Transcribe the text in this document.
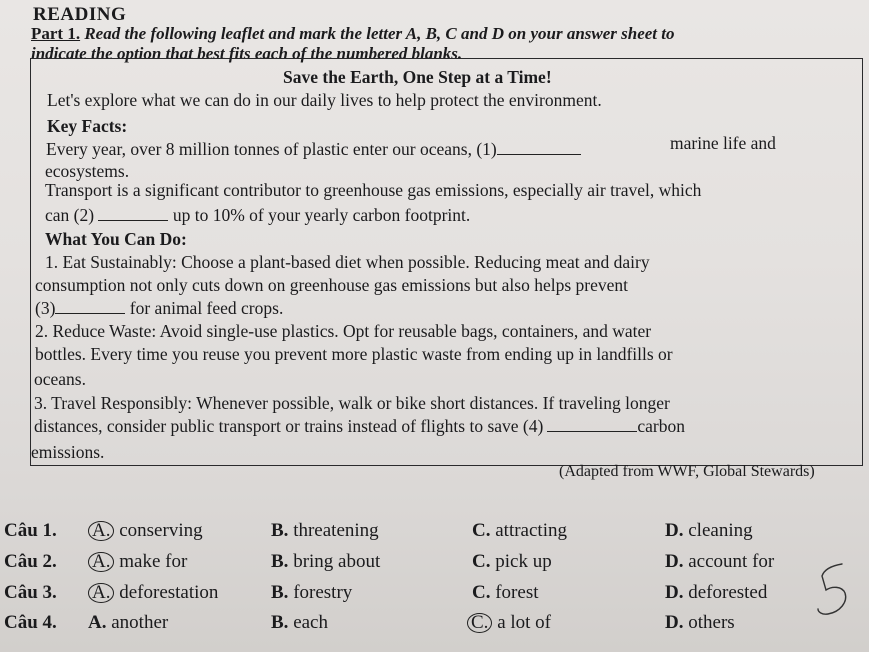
READING
Part 1. Read the following leaflet and mark the letter A, B, C and D on your answer sheet to
indicate the option that best fits each of the numbered blanks.
Save the Earth, One Step at a Time!
Let's explore what we can do in our daily lives to help protect the environment.
Key Facts:
Every year, over 8 million tonnes of plastic enter our oceans, (1)	marine life and
ecosystems.
Transport is a significant contributor to greenhouse gas emissions, especially air travel, which
can (2)	up to 10% of your yearly carbon footprint.
What You Can Do:
1. Eat Sustainably: Choose a plant-based diet when possible. Reducing meat and dairy
consumption not only cuts down on greenhouse gas emissions but also helps prevent
(3)	for animal feed crops.
2. Reduce Waste: Avoid single-use plastics. Opt for reusable bags, containers, and water
bottles. Every time you reuse you prevent more plastic waste from ending up in landfills or
oceans.
3. Travel Responsibly: Whenever possible, walk or bike short distances. If traveling longer
distances, consider public transport or trains instead of flights to save (4)	carbon
emissions.
(Adapted from WWF, Global Stewards)
Câu 1. A. conserving	B. threatening	C. attracting	D. cleaning
Câu 2. A. make for	B. bring about	C. pick up	D. account for
Câu 3. A. deforestation	B. forestry	C. forest	D. deforested
Câu 4. A. another	B. each	C. a lot of	D. others
